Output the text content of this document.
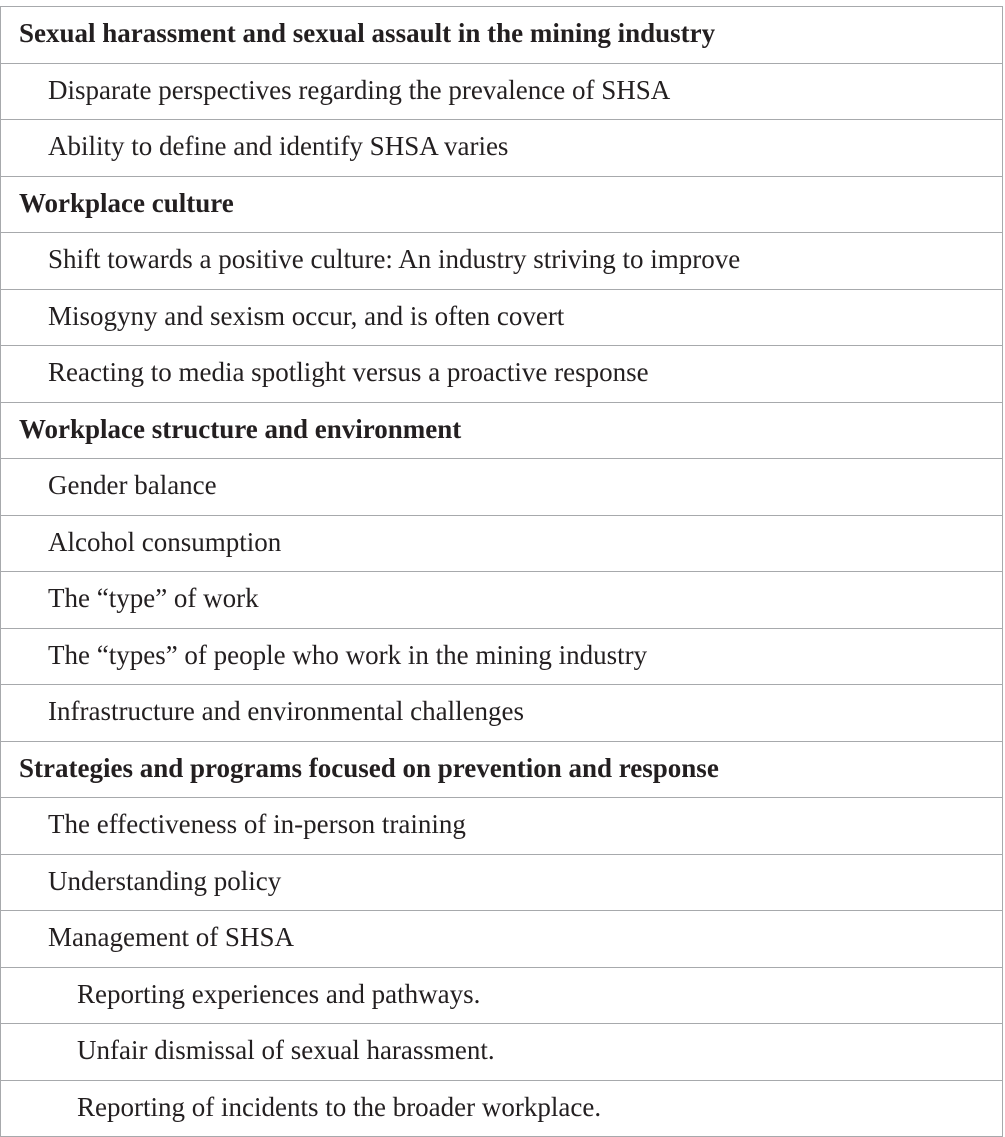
Sexual harassment and sexual assault in the mining industry
Disparate perspectives regarding the prevalence of SHSA
Ability to define and identify SHSA varies
Workplace culture
Shift towards a positive culture: An industry striving to improve
Misogyny and sexism occur, and is often covert
Reacting to media spotlight versus a proactive response
Workplace structure and environment
Gender balance
Alcohol consumption
The “type” of work
The “types” of people who work in the mining industry
Infrastructure and environmental challenges
Strategies and programs focused on prevention and response
The effectiveness of in-person training
Understanding policy
Management of SHSA
Reporting experiences and pathways.
Unfair dismissal of sexual harassment.
Reporting of incidents to the broader workplace.
